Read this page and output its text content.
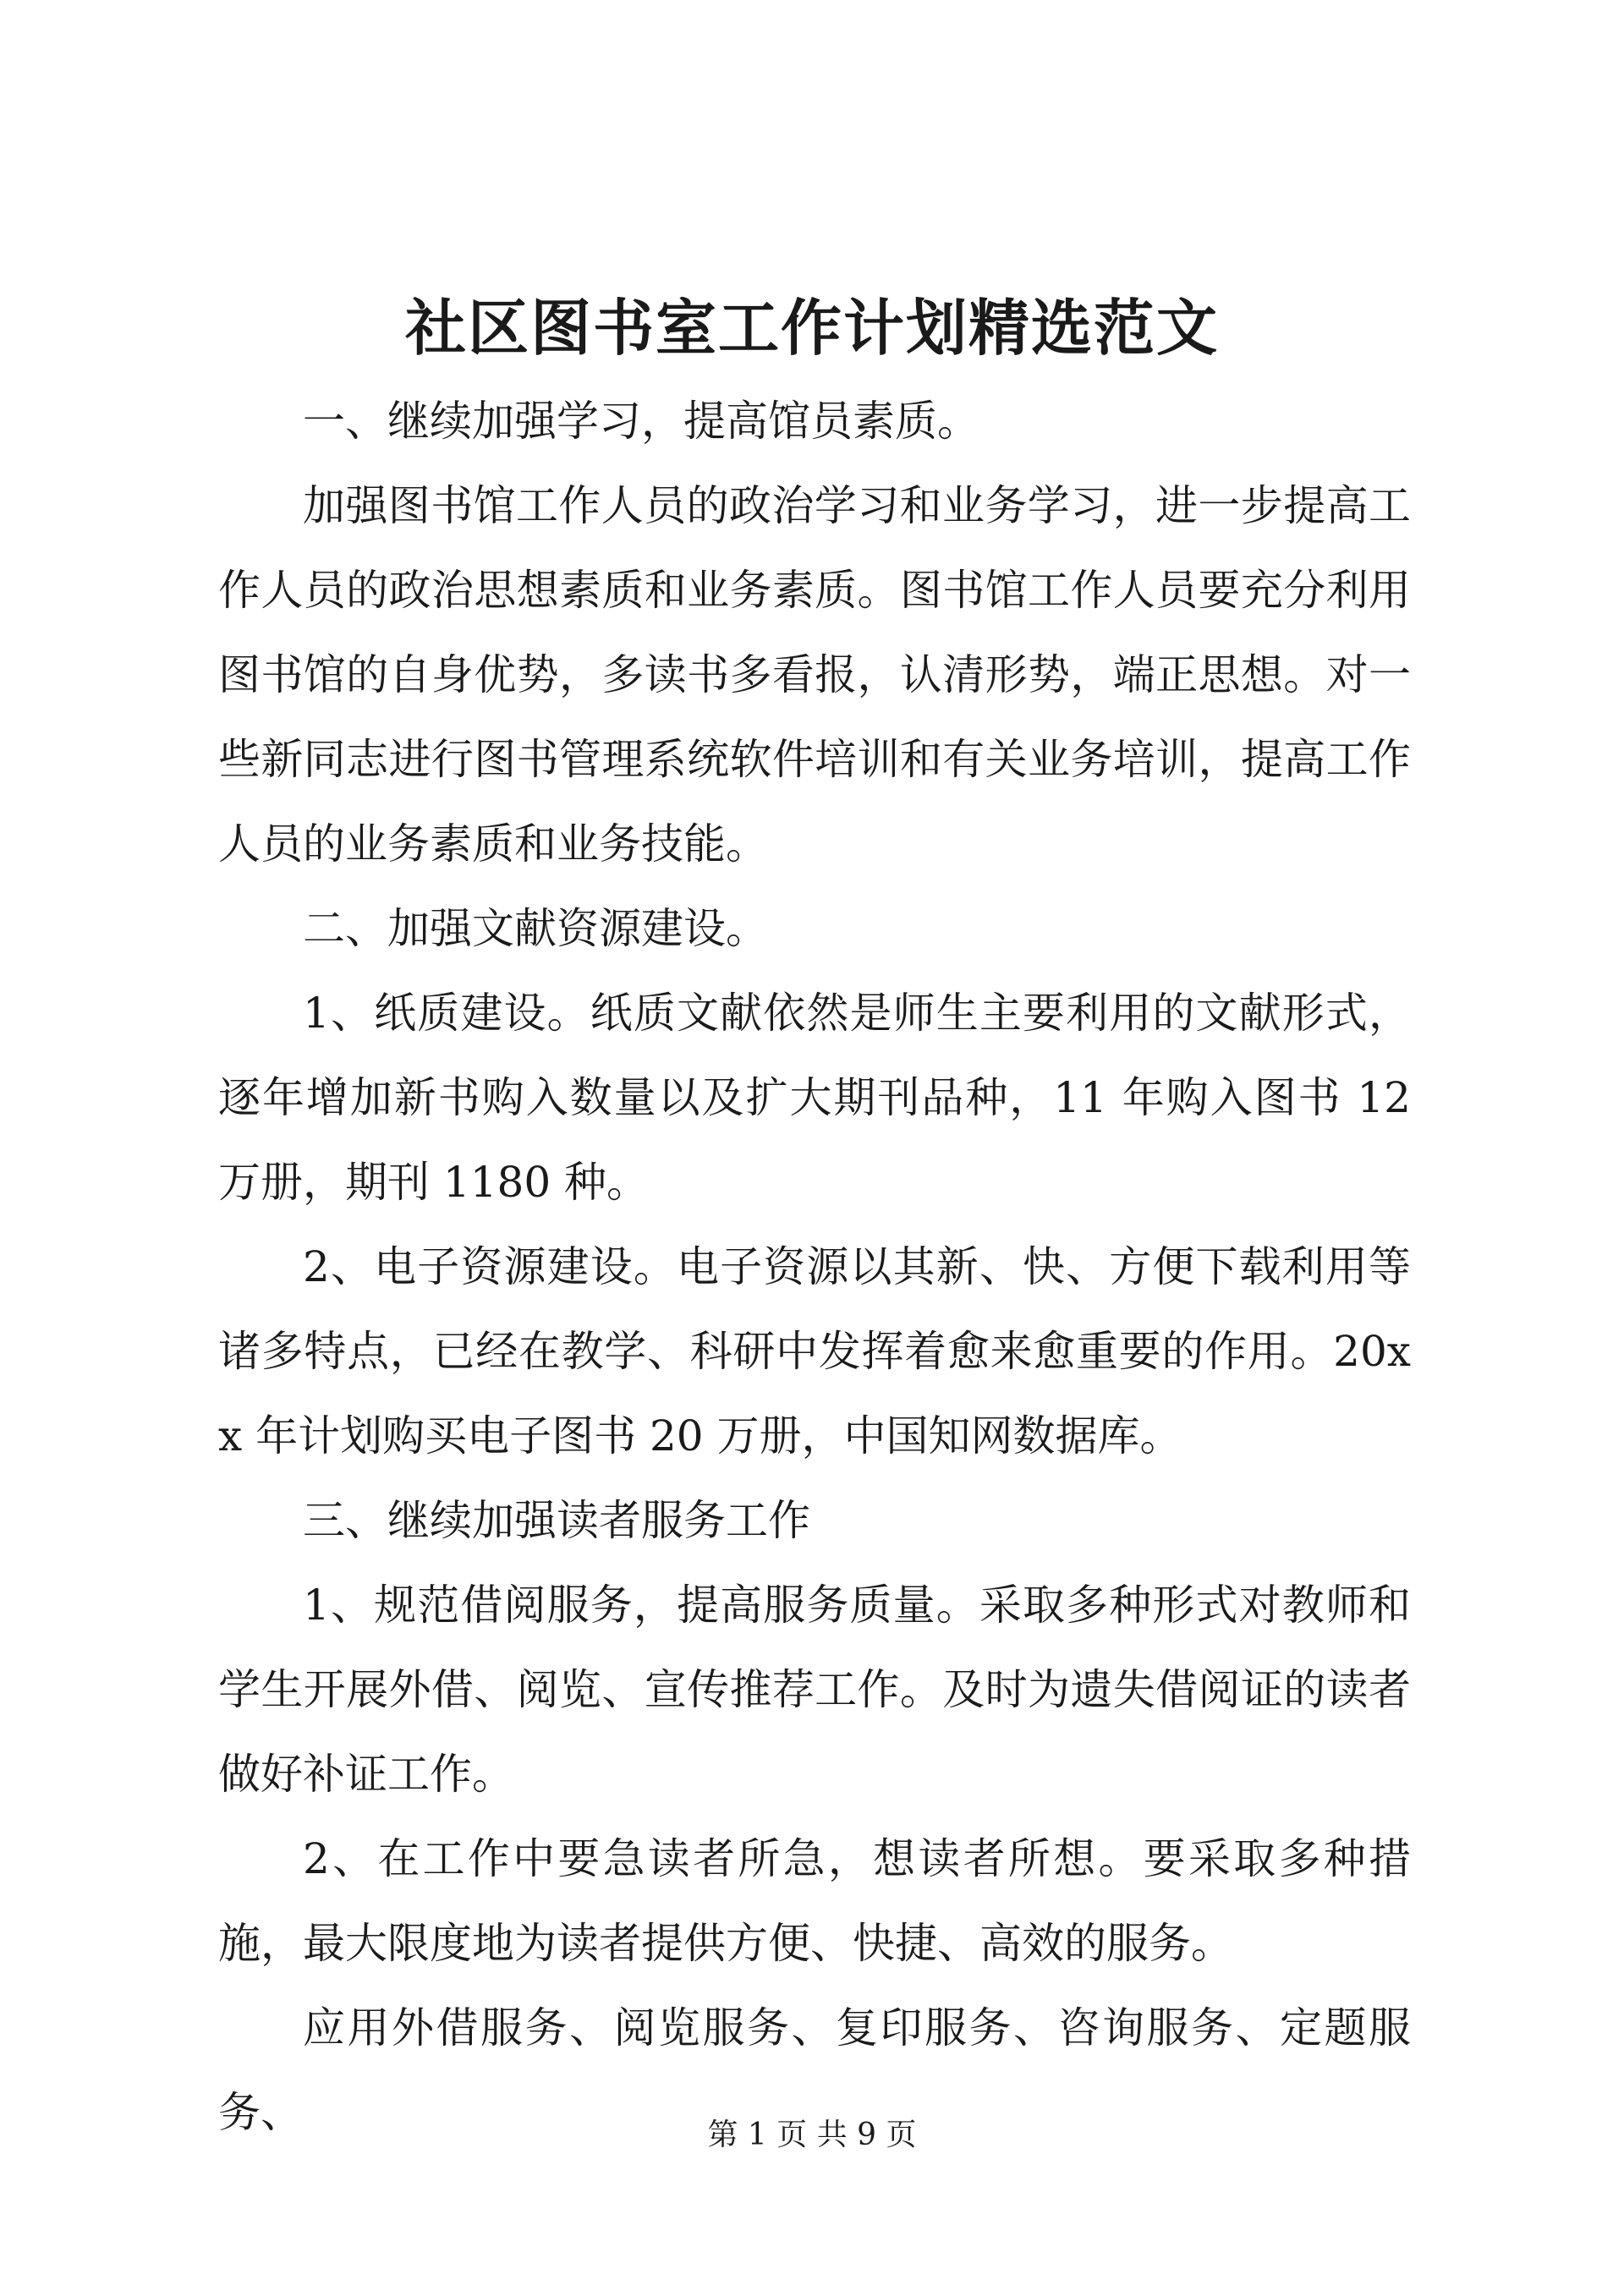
社区图书室工作计划精选范文

一、继续加强学习，提高馆员素质。

加强图书馆工作人员的政治学习和业务学习，进一步提高工作人员的政治思想素质和业务素质。图书馆工作人员要充分利用图书馆的自身优势，多读书多看报，认清形势，端正思想。对一些新同志进行图书管理系统软件培训和有关业务培训，提高工作人员的业务素质和业务技能。

二、加强文献资源建设。

1、纸质建设。纸质文献依然是师生主要利用的文献形式，逐年增加新书购入数量以及扩大期刊品种，11 年购入图书 12 万册，期刊 1180 种。

2、电子资源建设。电子资源以其新、快、方便下载利用等诸多特点，已经在教学、科研中发挥着愈来愈重要的作用。20xx 年计划购买电子图书 20 万册，中国知网数据库。

三、继续加强读者服务工作

1、规范借阅服务，提高服务质量。采取多种形式对教师和学生开展外借、阅览、宣传推荐工作。及时为遗失借阅证的读者做好补证工作。

2、在工作中要急读者所急，想读者所想。要采取多种措施，最大限度地为读者提供方便、快捷、高效的服务。

应用外借服务、阅览服务、复印服务、咨询服务、定题服务、	第 1 页 共 9 页
